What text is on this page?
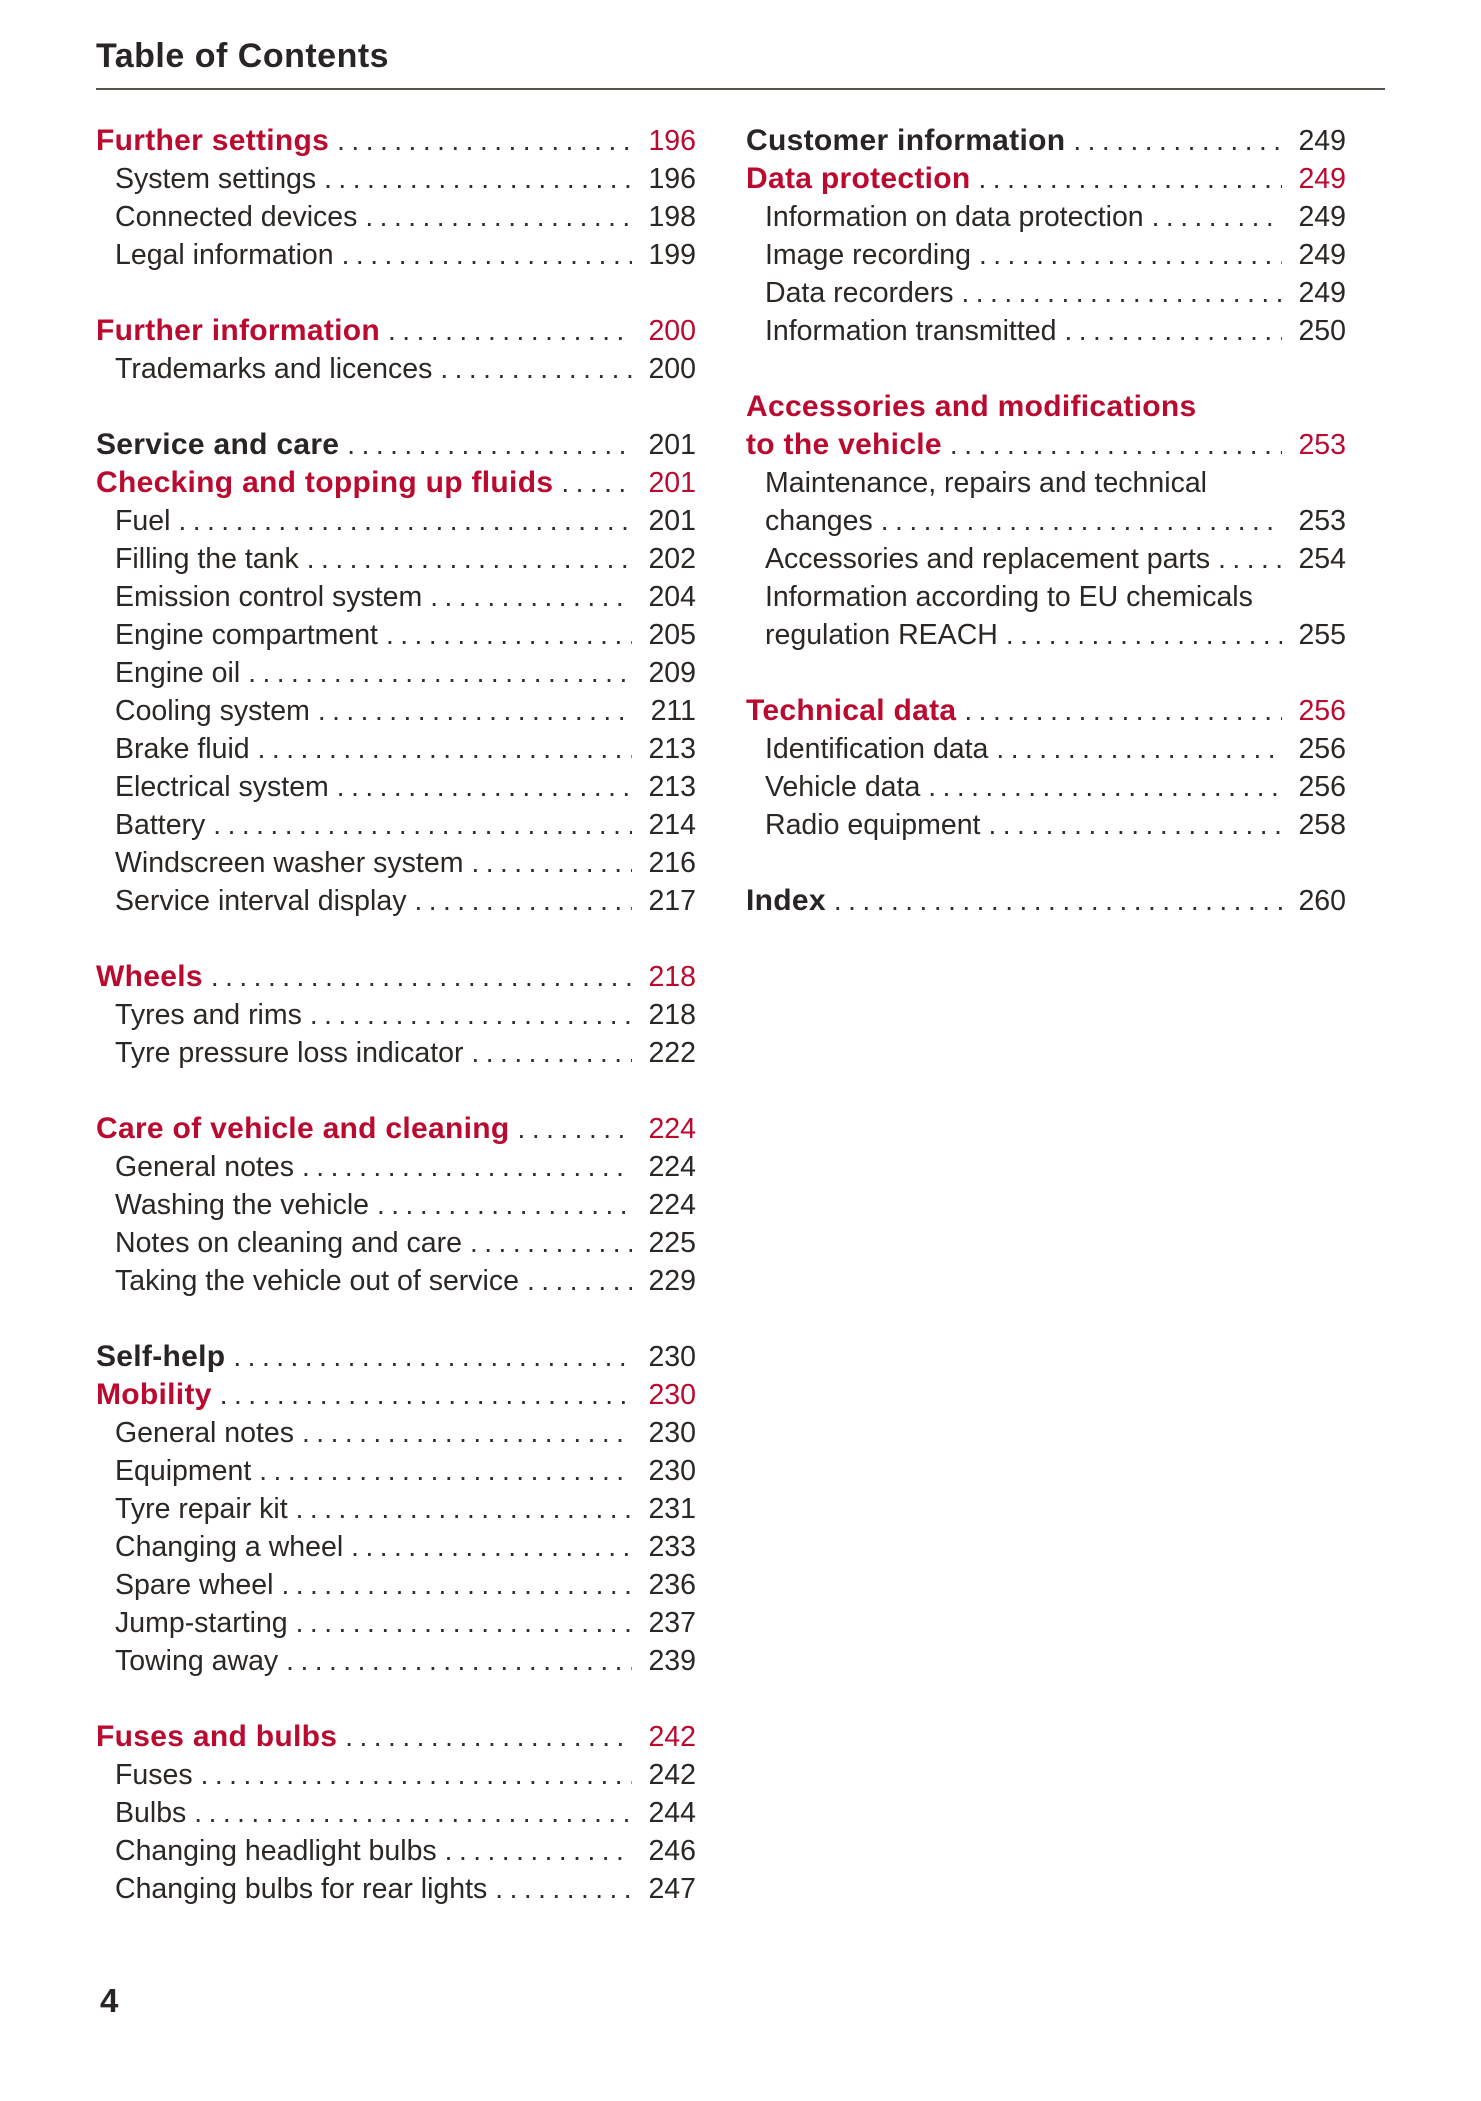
Table of Contents
Further settings .....	196
System settings .....	196
Connected devices .....	198
Legal information .....	199
Further information .....	200
Trademarks and licences .....	200
Service and care .....	201
Checking and topping up fluids .....	201
Fuel .....	201
Filling the tank .....	202
Emission control system .....	204
Engine compartment .....	205
Engine oil .....	209
Cooling system .....	211
Brake fluid .....	213
Electrical system .....	213
Battery .....	214
Windscreen washer system .....	216
Service interval display .....	217
Wheels .....	218
Tyres and rims .....	218
Tyre pressure loss indicator .....	222
Care of vehicle and cleaning .....	224
General notes .....	224
Washing the vehicle .....	224
Notes on cleaning and care .....	225
Taking the vehicle out of service .....	229
Self-help .....	230
Mobility .....	230
General notes .....	230
Equipment .....	230
Tyre repair kit .....	231
Changing a wheel .....	233
Spare wheel .....	236
Jump-starting .....	237
Towing away .....	239
Fuses and bulbs .....	242
Fuses .....	242
Bulbs .....	244
Changing headlight bulbs .....	246
Changing bulbs for rear lights .....	247
Customer information .....	249
Data protection .....	249
Information on data protection .....	249
Image recording .....	249
Data recorders .....	249
Information transmitted .....	250
Accessories and modifications
to the vehicle .....	253
Maintenance, repairs and technical
changes .....	253
Accessories and replacement parts .....	254
Information according to EU chemicals
regulation REACH .....	255
Technical data .....	256
Identification data .....	256
Vehicle data .....	256
Radio equipment .....	258
Index .....	260
4
